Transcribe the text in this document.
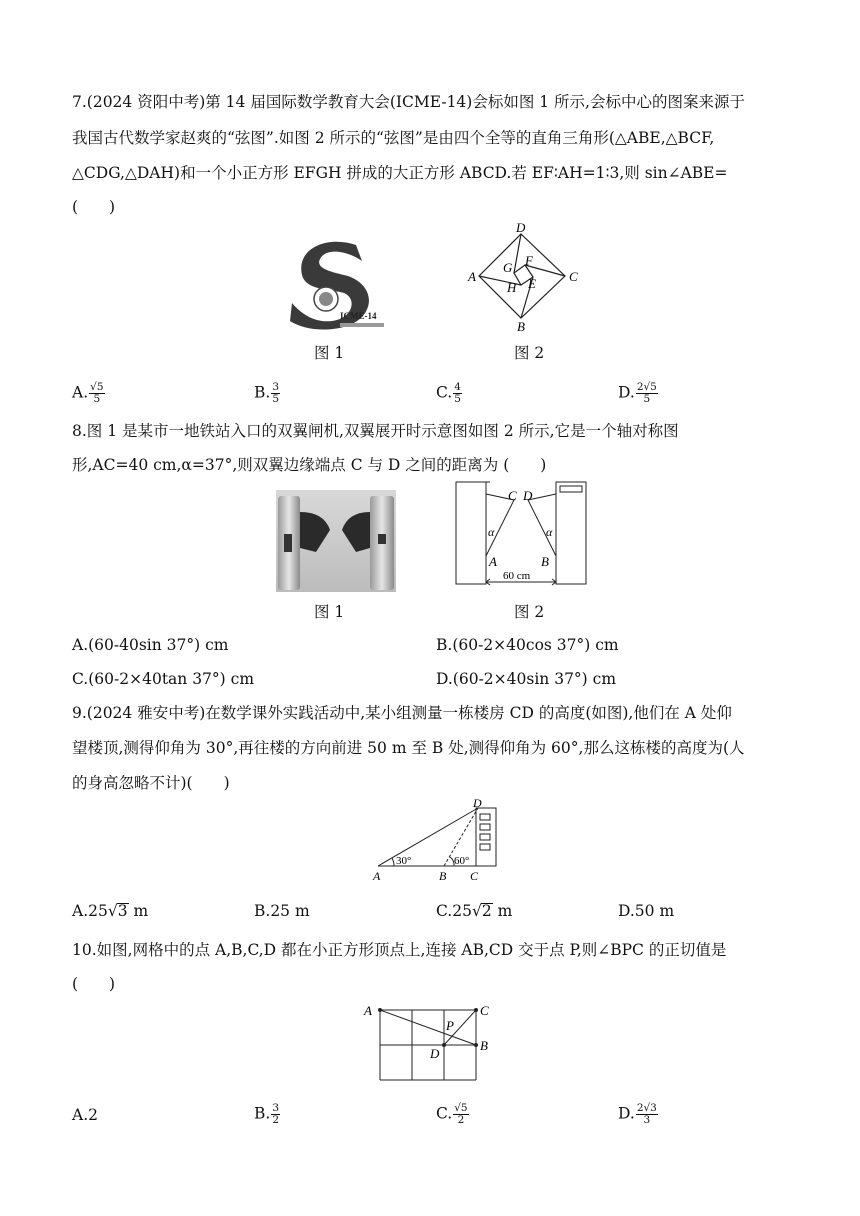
7.(2024 资阳中考)第 14 届国际数学教育大会(ICME-14)会标如图 1 所示,会标中心的图案来源于
我国古代数学家赵爽的“弦图”.如图 2 所示的“弦图”是由四个全等的直角三角形(△ABE,△BCF,
△CDG,△DAH)和一个小正方形 EFGH 拼成的大正方形 ABCD.若 EF∶AH=1∶3,则 sin∠ABE=
(　　)
ICME-14
图 1
D
A	C
B
G F
H E
图 2
A. $\frac{√5}{5}$	B. $\frac{3}{5}$	C. $\frac{4}{5}$	D. $\frac{2√5}{5}$
8.图 1 是某市一地铁站入口的双翼闸机,双翼展开时示意图如图 2 所示,它是一个轴对称图
形,AC=40 cm,α=37°,则双翼边缘端点 C 与 D 之间的距离为 (　　)
图 1
C D
α	α
A	B
60 cm
图 2
A.(60-40sin 37°) cm	B.(60-2×40cos 37°) cm
C.(60-2×40tan 37°) cm	D.(60-2×40sin 37°) cm
9.(2024 雅安中考)在数学课外实践活动中,某小组测量一栋楼房 CD 的高度(如图),他们在 A 处仰
望楼顶,测得仰角为 30°,再往楼的方向前进 50 m 至 B 处,测得仰角为 60°,那么这栋楼的高度为(人
的身高忽略不计)(　　)
D
30°	60°
A	B C
A.25√3 m	B.25 m	C.25√2 m	D.50 m
10.如图,网格中的点 A,B,C,D 都在小正方形顶点上,连接 AB,CD 交于点 P,则∠BPC 的正切值是
(　　)
A	C
P
D
B
A.2	B. $\frac{3}{2}$	C. $\frac{√5}{2}$	D. $\frac{2√3}{3}$
